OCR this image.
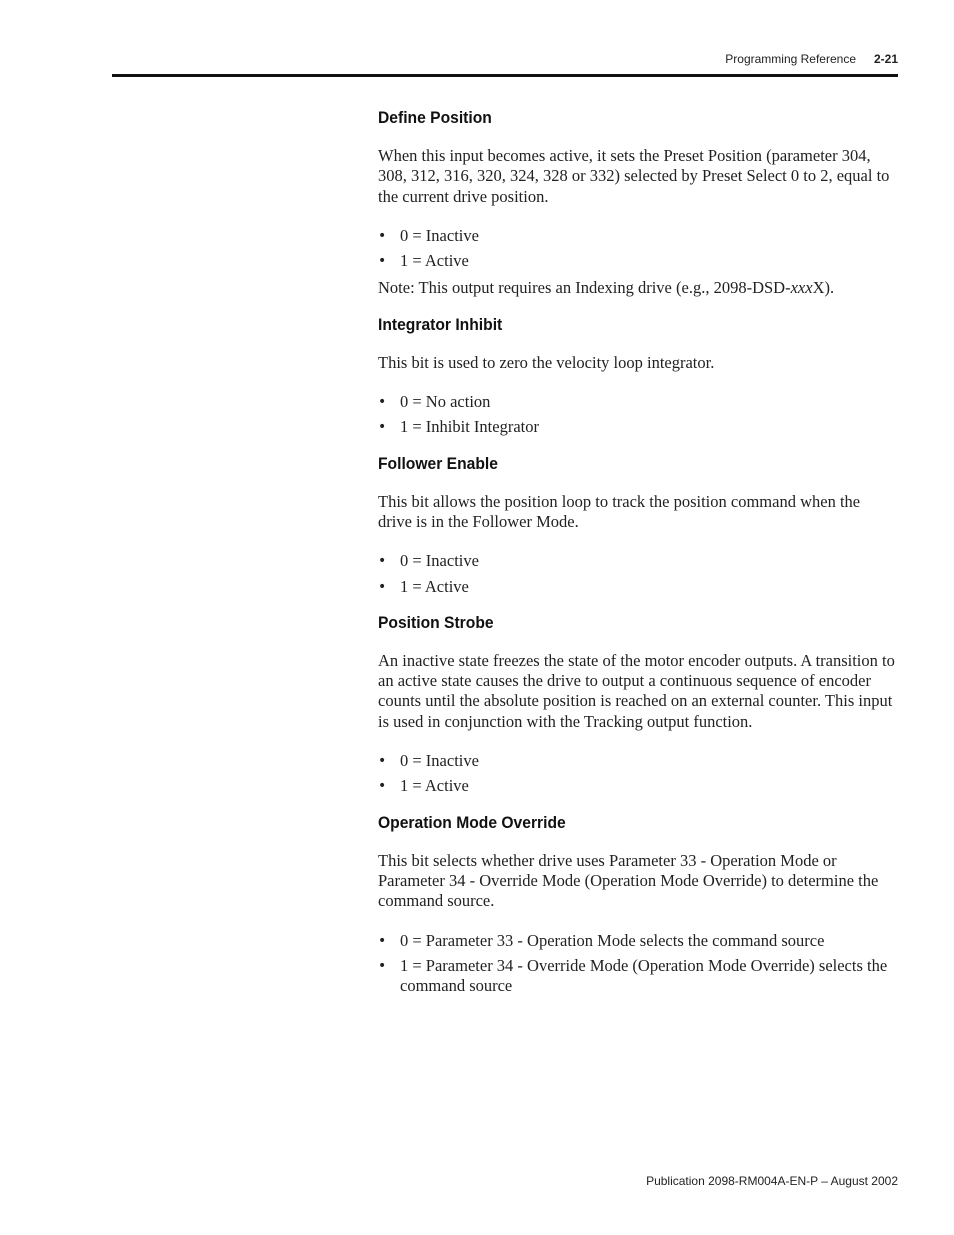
Programming Reference 2-21
Define Position

When this input becomes active, it sets the Preset Position (parameter 304, 308, 312, 316, 320, 324, 328 or 332) selected by Preset Select 0 to 2, equal to the current drive position.

• 0 = Inactive
• 1 = Active

Note: This output requires an Indexing drive (e.g., 2098-DSD-xxxX).

Integrator Inhibit

This bit is used to zero the velocity loop integrator.

• 0 = No action
• 1 = Inhibit Integrator
Follower Enable

This bit allows the position loop to track the position command when the drive is in the Follower Mode.

• 0 = Inactive
• 1 = Active
Position Strobe

An inactive state freezes the state of the motor encoder outputs. A transition to an active state causes the drive to output a continuous sequence of encoder counts until the absolute position is reached on an external counter. This input is used in conjunction with the Tracking output function.

• 0 = Inactive
• 1 = Active
Operation Mode Override

This bit selects whether drive uses Parameter 33 - Operation Mode or Parameter 34 - Override Mode (Operation Mode Override) to determine the command source.

• 0 = Parameter 33 - Operation Mode selects the command source
• 1 = Parameter 34 - Override Mode (Operation Mode Override) selects the command source
Publication 2098-RM004A-EN-P – August 2002
